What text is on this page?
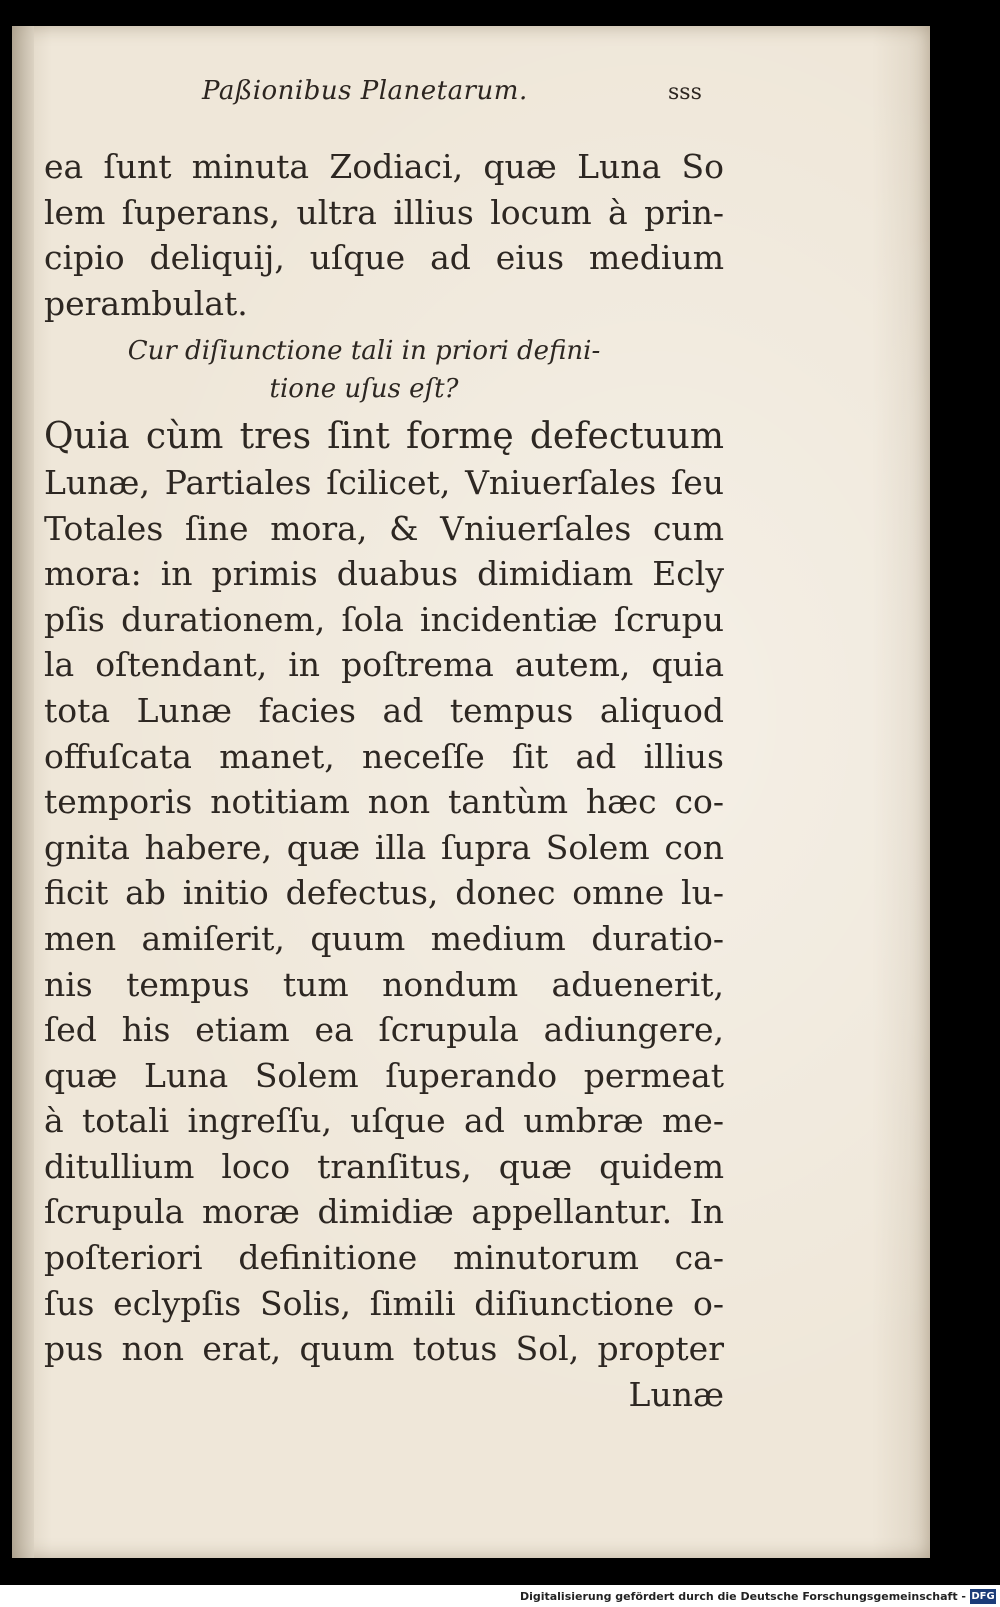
Paßionibus Planetarum.	sss
ea ſunt minuta Zodiaci, quæ Luna So
lem ſuperans, ultra illius locum à prin-
cipio deliquij, uſque ad eius medium
perambulat.
Cur diſiunctione tali in priori defini-
tione uſus eſt?
Quia cùm tres ſint formę defectuum
Lunæ, Partiales ſcilicet, Vniuerſales ſeu
Totales ſine mora, & Vniuerſales cum
mora: in primis duabus dimidiam Ecly
pſis durationem, ſola incidentiæ ſcrupu
la oſtendant, in poſtrema autem, quia
tota Lunæ facies ad tempus aliquod
offuſcata manet, neceſſe ſit ad illius
temporis notitiam non tantùm hæc co-
gnita habere, quæ illa ſupra Solem con
ficit ab initio defectus, donec omne lu-
men amiſerit, quum medium duratio-
nis tempus tum nondum aduenerit,
ſed his etiam ea ſcrupula adiungere,
quæ Luna Solem ſuperando permeat
à totali ingreſſu, uſque ad umbræ me-
ditullium loco tranſitus, quæ quidem
ſcrupula moræ dimidiæ appellantur. In
poſteriori definitione minutorum ca-
ſus eclypſis Solis, ſimili diſiunctione o-
pus non erat, quum totus Sol, propter
Lunæ
Digitalisierung gefördert durch die Deutsche Forschungsgemeinschaft - DFG
